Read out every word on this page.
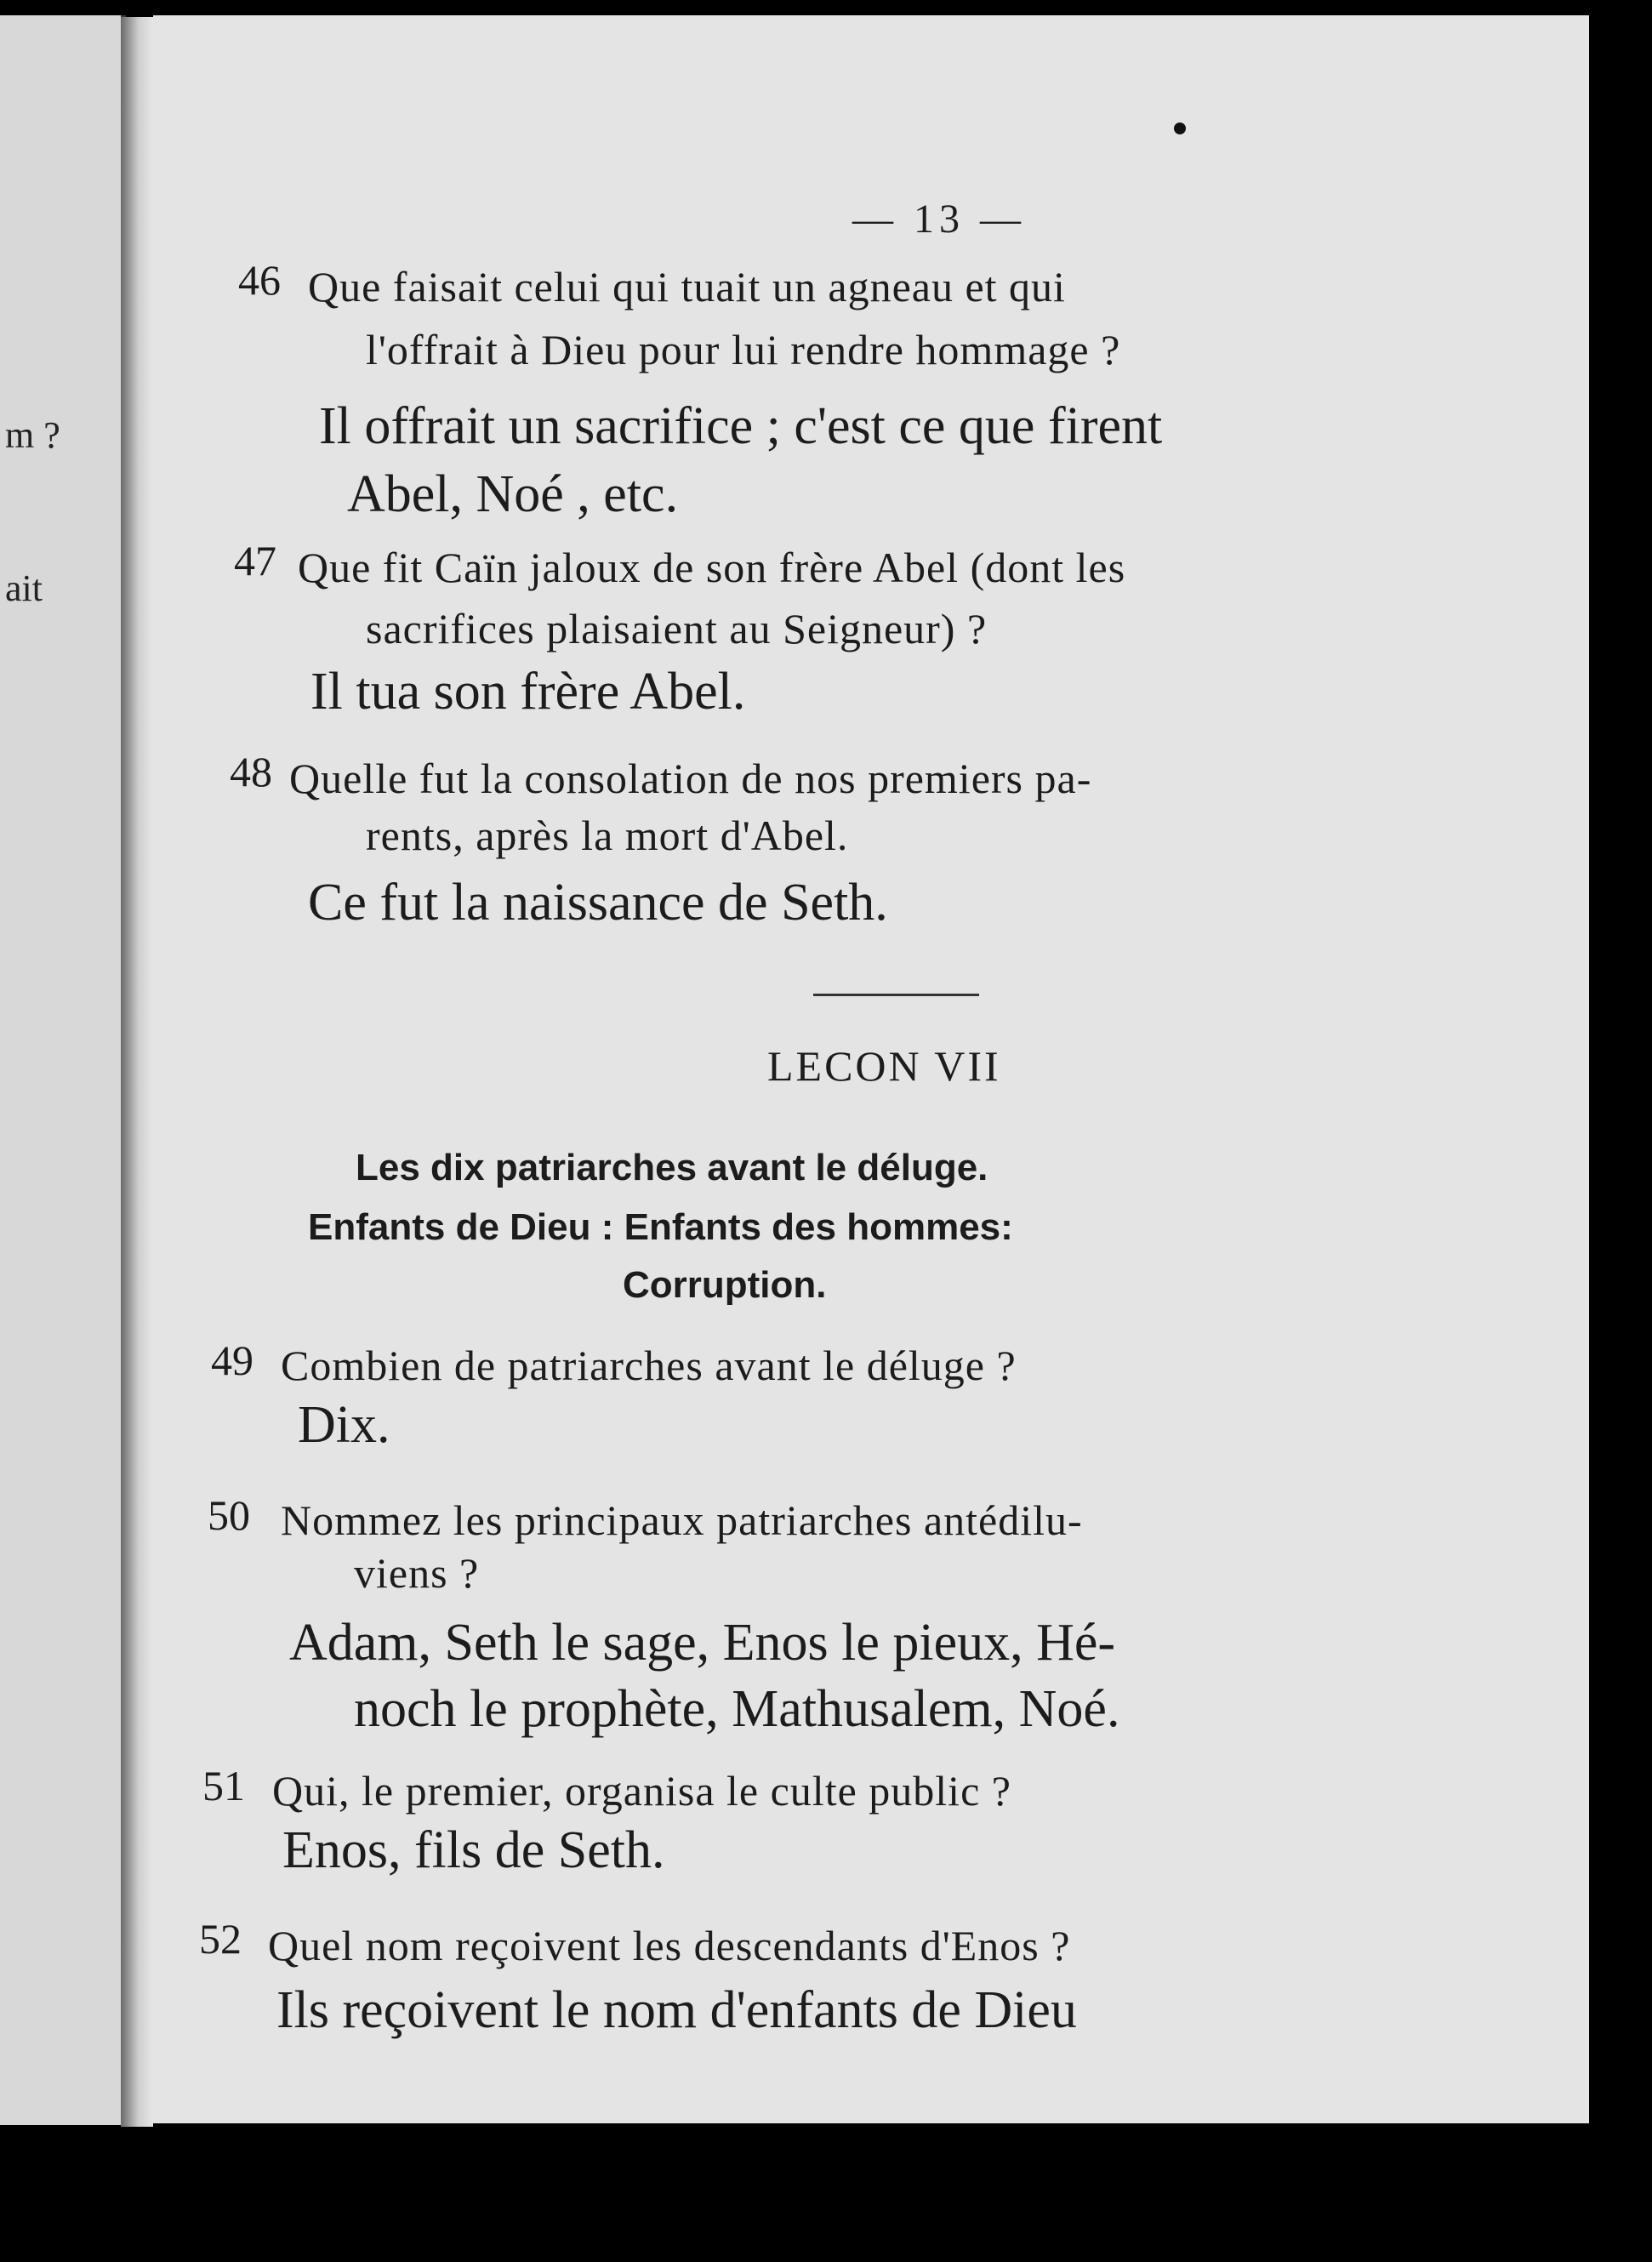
m ?
ait
— 13 —
46 Que faisait celui qui tuait un agneau et qui
l'offrait à Dieu pour lui rendre hommage ?
Il offrait un sacrifice ; c'est ce que firent
Abel, Noé , etc.
47 Que fit Caïn jaloux de son frère Abel (dont les
sacrifices plaisaient au Seigneur) ?
Il tua son frère Abel.
48 Quelle fut la consolation de nos premiers pa-
rents, après la mort d'Abel.
Ce fut la naissance de Seth.
LECON VII
Les dix patriarches avant le déluge.
Enfants de Dieu : Enfants des hommes:
Corruption.
49 Combien de patriarches avant le déluge ?
Dix.
50 Nommez les principaux patriarches antédilu-
viens ?
Adam, Seth le sage, Enos le pieux, Hé-
noch le prophète, Mathusalem, Noé.
51 Qui, le premier, organisa le culte public ?
Enos, fils de Seth.
52 Quel nom reçoivent les descendants d'Enos ?
Ils reçoivent le nom d'enfants de Dieu
